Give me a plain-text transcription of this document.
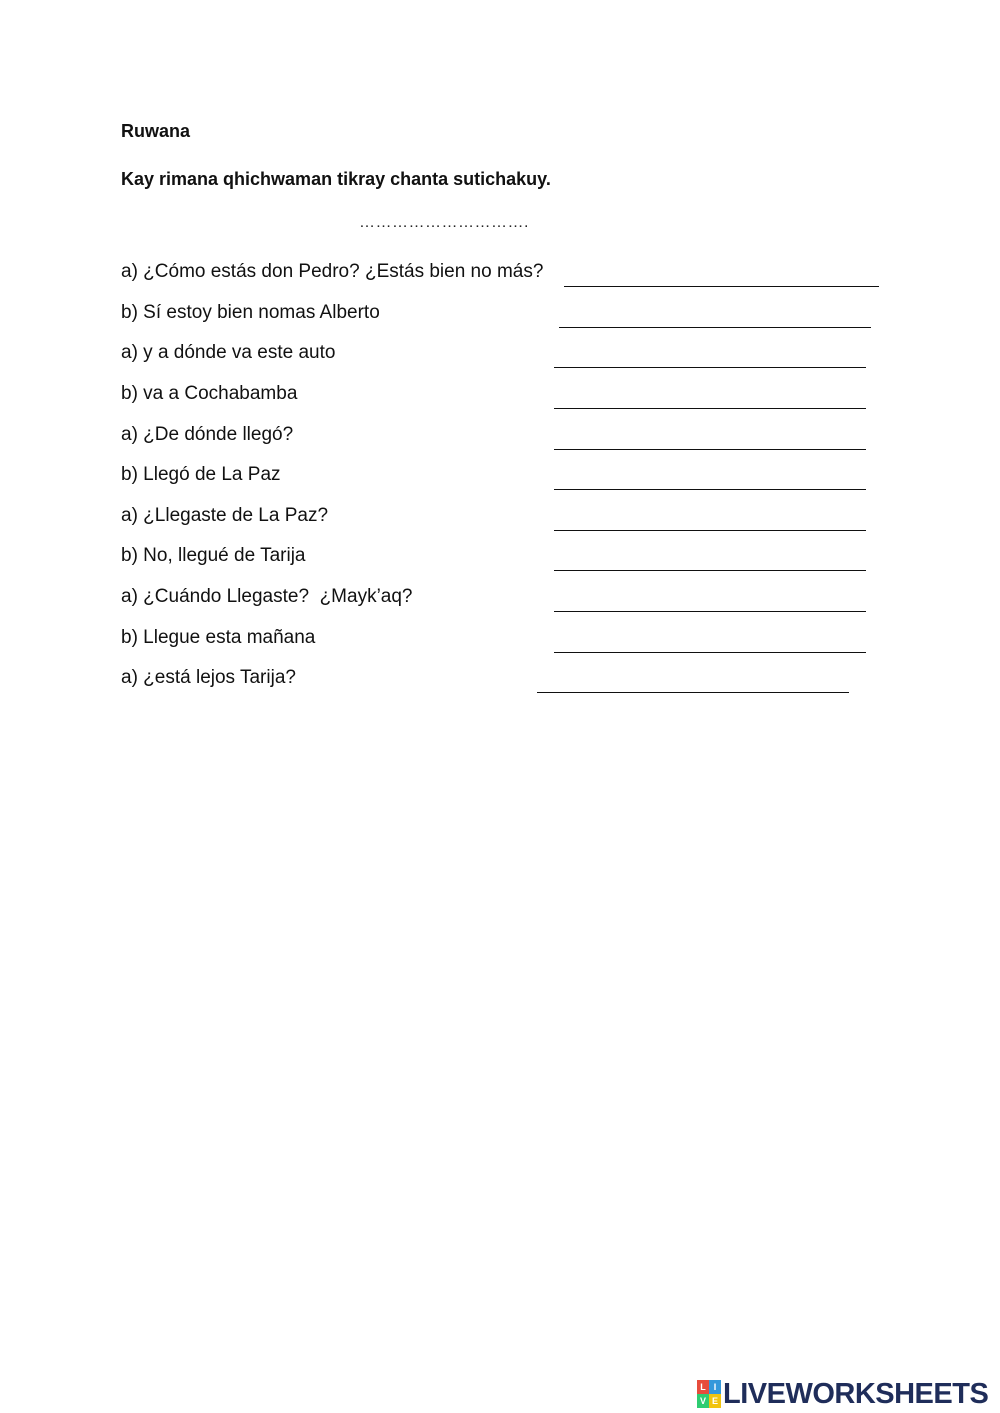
Ruwana

Kay rimana qhichwaman tikray chanta sutichakuy.

………………………….
a) ¿Cómo estás don Pedro? ¿Estás bien no más?
b) Sí estoy bien nomas Alberto
a) y a dónde va este auto
b) va a Cochabamba
a) ¿De dónde llegó?
b) Llegó de La Paz
a) ¿Llegaste de La Paz?
b) No, llegué de Tarija
a) ¿Cuándo Llegaste?  ¿Mayk’aq?
b) Llegue esta mañana
a) ¿está lejos Tarija?
L I
V E LIVEWORKSHEETS
